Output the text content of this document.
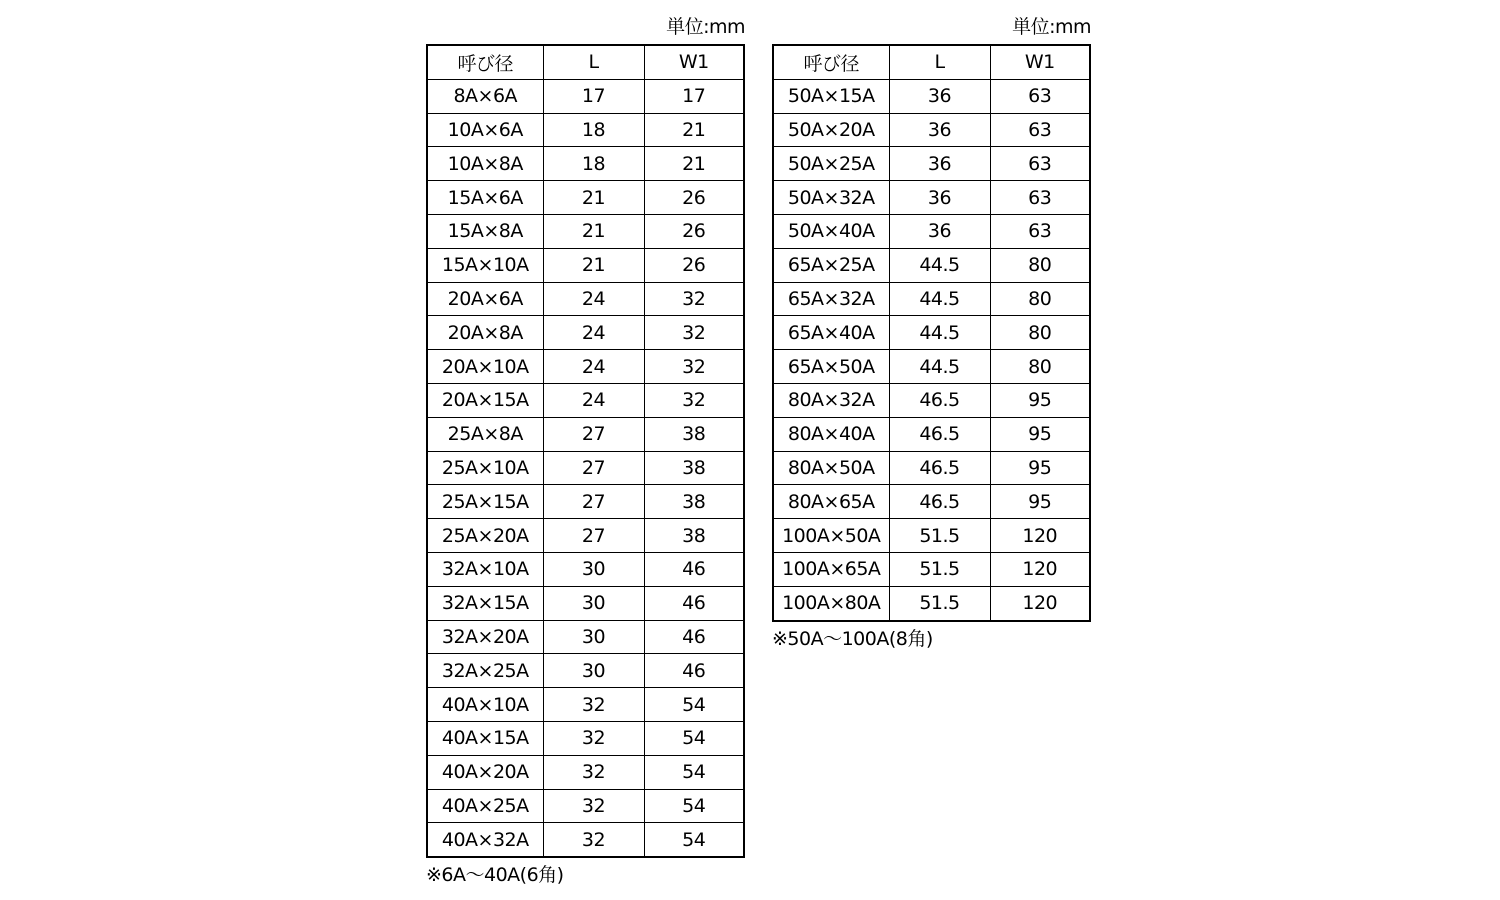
単位:mm
呼び径	L	W1
8A×6A	17	17
10A×6A	18	21
10A×8A	18	21
15A×6A	21	26
15A×8A	21	26
15A×10A	21	26
20A×6A	24	32
20A×8A	24	32
20A×10A	24	32
20A×15A	24	32
25A×8A	27	38
25A×10A	27	38
25A×15A	27	38
25A×20A	27	38
32A×10A	30	46
32A×15A	30	46
32A×20A	30	46
32A×25A	30	46
40A×10A	32	54
40A×15A	32	54
40A×20A	32	54
40A×25A	32	54
40A×32A	32	54
※6A～40A(6角)
単位:mm
呼び径	L	W1
50A×15A	36	63
50A×20A	36	63
50A×25A	36	63
50A×32A	36	63
50A×40A	36	63
65A×25A	44.5	80
65A×32A	44.5	80
65A×40A	44.5	80
65A×50A	44.5	80
80A×32A	46.5	95
80A×40A	46.5	95
80A×50A	46.5	95
80A×65A	46.5	95
100A×50A	51.5	120
100A×65A	51.5	120
100A×80A	51.5	120
※50A～100A(8角)
